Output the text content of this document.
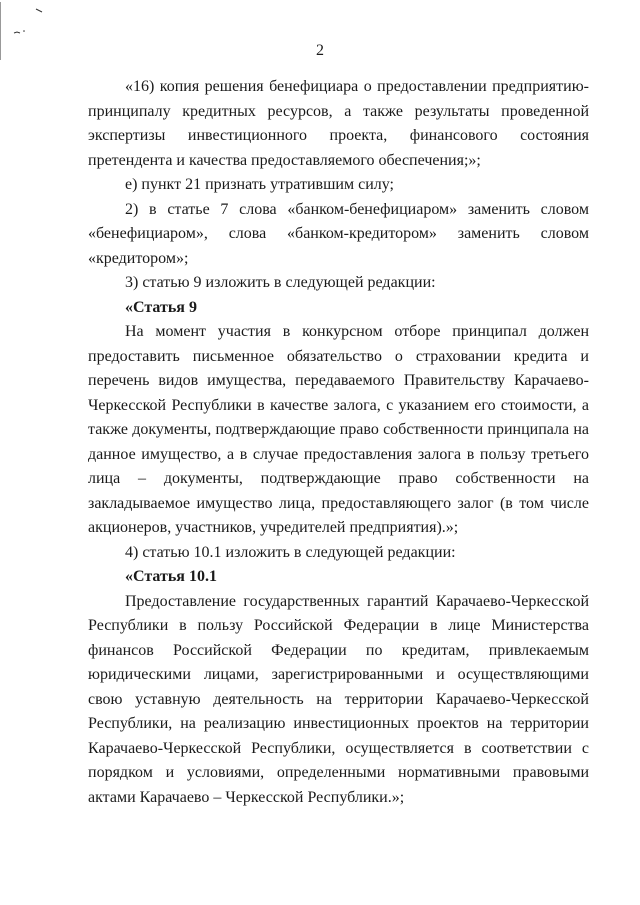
2

«16) копия решения бенефициара о предоставлении предприятию-принципалу кредитных ресурсов, а также результаты проведенной экспертизы инвестиционного проекта, финансового состояния претендента и качества предоставляемого обеспечения;»;

е) пункт 21 признать утратившим силу;

2) в статье 7 слова «банком-бенефициаром» заменить словом «бенефициаром», слова «банком-кредитором» заменить словом «кредитором»;

3) статью 9 изложить в следующей редакции:

«Статья 9

На момент участия в конкурсном отборе принципал должен предоставить письменное обязательство о страховании кредита и перечень видов имущества, передаваемого Правительству Карачаево-Черкесской Республики в качестве залога, с указанием его стоимости, а также документы, подтверждающие право собственности принципала на данное имущество, а в случае предоставления залога в пользу третьего лица – документы, подтверждающие право собственности на закладываемое имущество лица, предоставляющего залог (в том числе акционеров, участников, учредителей предприятия).»;

4) статью 10.1 изложить в следующей редакции:

«Статья 10.1

Предоставление государственных гарантий Карачаево-Черкесской Республики в пользу Российской Федерации в лице Министерства финансов Российской Федерации по кредитам, привлекаемым юридическими лицами, зарегистрированными и осуществляющими свою уставную деятельность на территории Карачаево-Черкесской Республики, на реализацию инвестиционных проектов на территории Карачаево-Черкесской Республики, осуществляется в соответствии с порядком и условиями, определенными нормативными правовыми актами Карачаево – Черкесской Республики.»;
